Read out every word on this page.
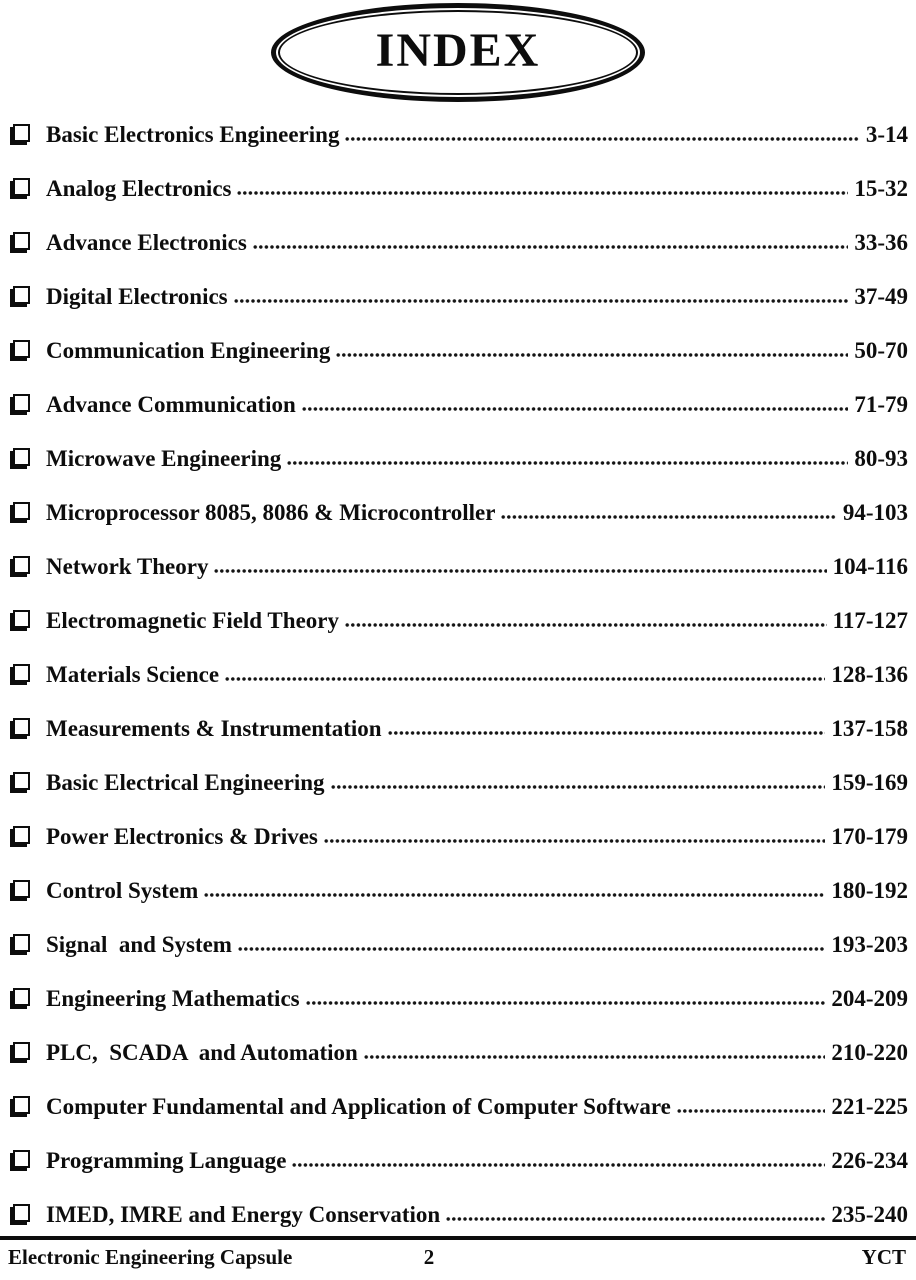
INDEX
Basic Electronics Engineering	3-14
Analog Electronics	15-32
Advance Electronics	33-36
Digital Electronics	37-49
Communication Engineering	50-70
Advance Communication	71-79
Microwave Engineering	80-93
Microprocessor 8085, 8086 & Microcontroller	94-103
Network Theory	104-116
Electromagnetic Field Theory	117-127
Materials Science	128-136
Measurements & Instrumentation	137-158
Basic Electrical Engineering	159-169
Power Electronics & Drives	170-179
Control System	180-192
Signal  and System	193-203
Engineering Mathematics	204-209
PLC,  SCADA  and Automation	210-220
Computer Fundamental and Application of Computer Software	221-225
Programming Language	226-234
IMED, IMRE and Energy Conservation	235-240
Electronic Engineering Capsule	2	YCT
